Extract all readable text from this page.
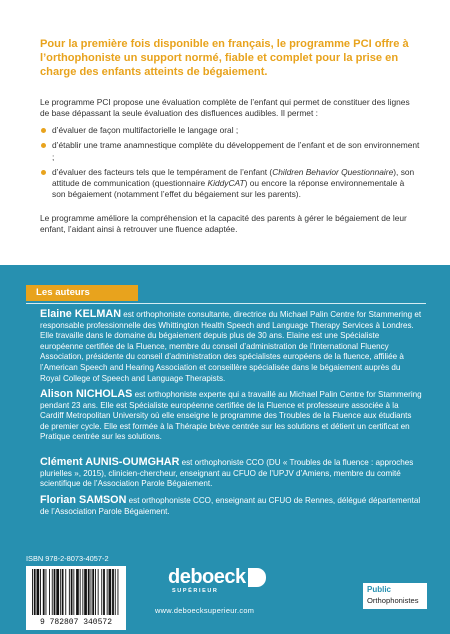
Pour la première fois disponible en français, le programme PCI offre à l’orthophoniste un support normé, fiable et complet pour la prise en charge des enfants atteints de bégaiement.

Le programme PCI propose une évaluation complète de l’enfant qui permet de constituer des lignes de base dépassant la seule évaluation des disfluences audibles. Il permet :

d’évaluer de façon multifactorielle le langage oral ;
d’établir une trame anamnestique complète du développement de l’enfant et de son environnement ;
d’évaluer des facteurs tels que le tempérament de l’enfant (Children Behavior Questionnaire), son attitude de communication (questionnaire KiddyCAT) ou encore la réponse environnementale à son bégaiement (notamment l’effet du bégaiement sur les parents).

Le programme améliore la compréhension et la capacité des parents à gérer le bégaiement de leur enfant, l’aidant ainsi à retrouver une fluence adaptée.

Les auteurs

Elaine KELMAN est orthophoniste consultante, directrice du Michael Palin Centre for Stammering et responsable professionnelle des Whittington Health Speech and Language Therapy Services à Londres. Elle travaille dans le domaine du bégaiement depuis plus de 30 ans. Elaine est une Spécialiste européenne certifiée de la Fluence, membre du conseil d’administration de l’International Fluency Association, présidente du conseil d’administration des spécialistes européens de la fluence, affiliée à l’American Speech and Hearing Association et conseillère spécialisée dans le bégaiement auprès du Royal College of Speech and Language Therapists.

Alison NICHOLAS est orthophoniste experte qui a travaillé au Michael Palin Centre for Stammering pendant 23 ans. Elle est Spécialiste européenne certifiée de la Fluence et professeure associée à la Cardiff Metropolitan University où elle enseigne le programme des Troubles de la Fluence aux étudiants de premier cycle. Elle est formée à la Thérapie brève centrée sur les solutions et détient un certificat en Pratique centrée sur les solutions.

Clément AUNIS-OUMGHAR est orthophoniste CCO (DU « Troubles de la fluence : approches plurielles », 2015), clinicien-chercheur, enseignant au CFUO de l’UPJV d’Amiens, membre du comité scientifique de l’Association Parole Bégaiement.

Florian SAMSON est orthophoniste CCO, enseignant au CFUO de Rennes, délégué départemental de l’Association Parole Bégaiement.

ISBN 978-2-8073-4057-2
9 782807 340572
deboeck
SUPÉRIEUR
www.deboecksuperieur.com
Public
Orthophonistes
